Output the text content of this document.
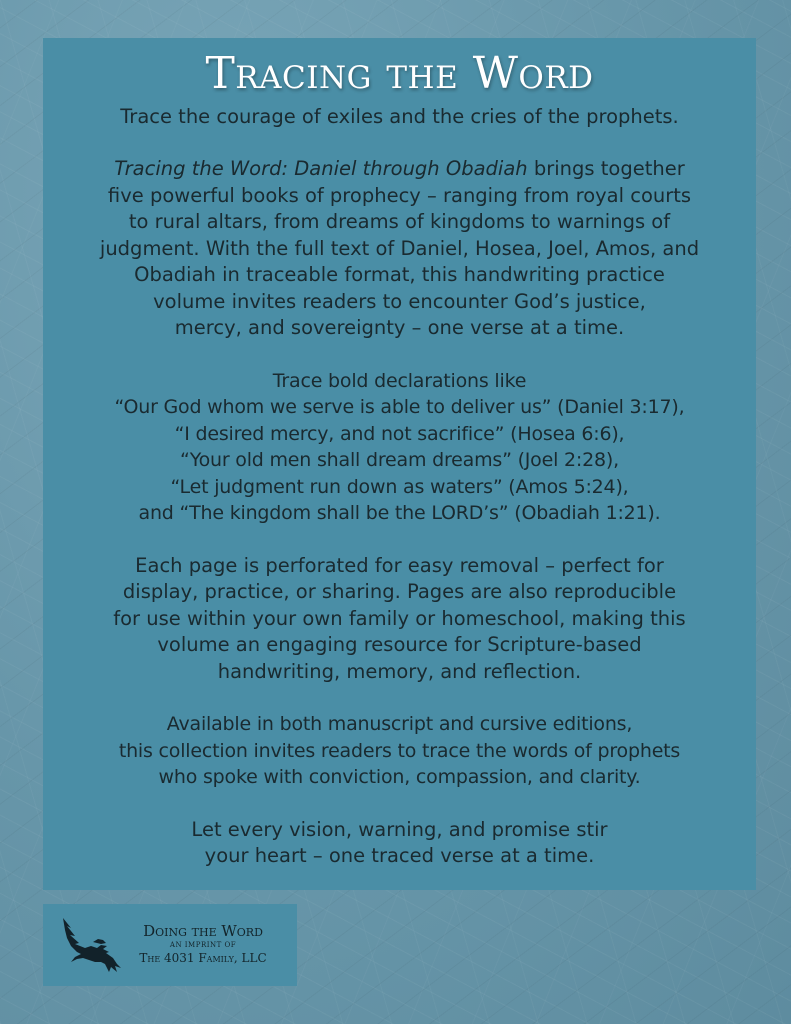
Tracing the Word

Trace the courage of exiles and the cries of the prophets.

Tracing the Word: Daniel through Obadiah brings together
five powerful books of prophecy – ranging from royal courts
to rural altars, from dreams of kingdoms to warnings of
judgment. With the full text of Daniel, Hosea, Joel, Amos, and
Obadiah in traceable format, this handwriting practice
volume invites readers to encounter God’s justice,
mercy, and sovereignty – one verse at a time.

Trace bold declarations like
“Our God whom we serve is able to deliver us” (Daniel 3:17),
“I desired mercy, and not sacrifice” (Hosea 6:6),
“Your old men shall dream dreams” (Joel 2:28),
“Let judgment run down as waters” (Amos 5:24),
and “The kingdom shall be the LORD’s” (Obadiah 1:21).

Each page is perforated for easy removal – perfect for
display, practice, or sharing. Pages are also reproducible
for use within your own family or homeschool, making this
volume an engaging resource for Scripture-based
handwriting, memory, and reflection.

Available in both manuscript and cursive editions,
this collection invites readers to trace the words of prophets
who spoke with conviction, compassion, and clarity.

Let every vision, warning, and promise stir
your heart – one traced verse at a time.

Doing the Word
AN IMPRINT OF
The 4031 Family, LLC
